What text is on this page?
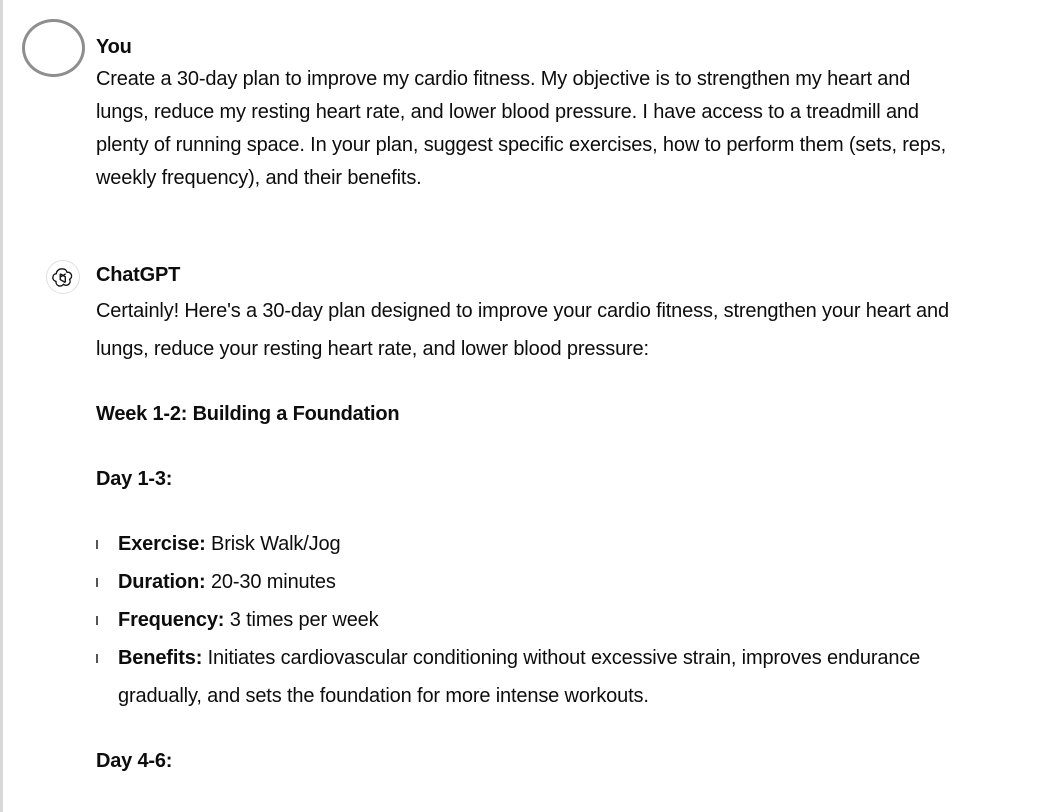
You
Create a 30-day plan to improve my cardio fitness. My objective is to strengthen my heart and
lungs, reduce my resting heart rate, and lower blood pressure. I have access to a treadmill and
plenty of running space. In your plan, suggest specific exercises, how to perform them (sets, reps,
weekly frequency), and their benefits.
ChatGPT
Certainly! Here's a 30-day plan designed to improve your cardio fitness, strengthen your heart and
lungs, reduce your resting heart rate, and lower blood pressure:
Week 1-2: Building a Foundation
Day 1-3:
Exercise: Brisk Walk/Jog
Duration: 20-30 minutes
Frequency: 3 times per week
Benefits: Initiates cardiovascular conditioning without excessive strain, improves endurance
gradually, and sets the foundation for more intense workouts.
Day 4-6:
